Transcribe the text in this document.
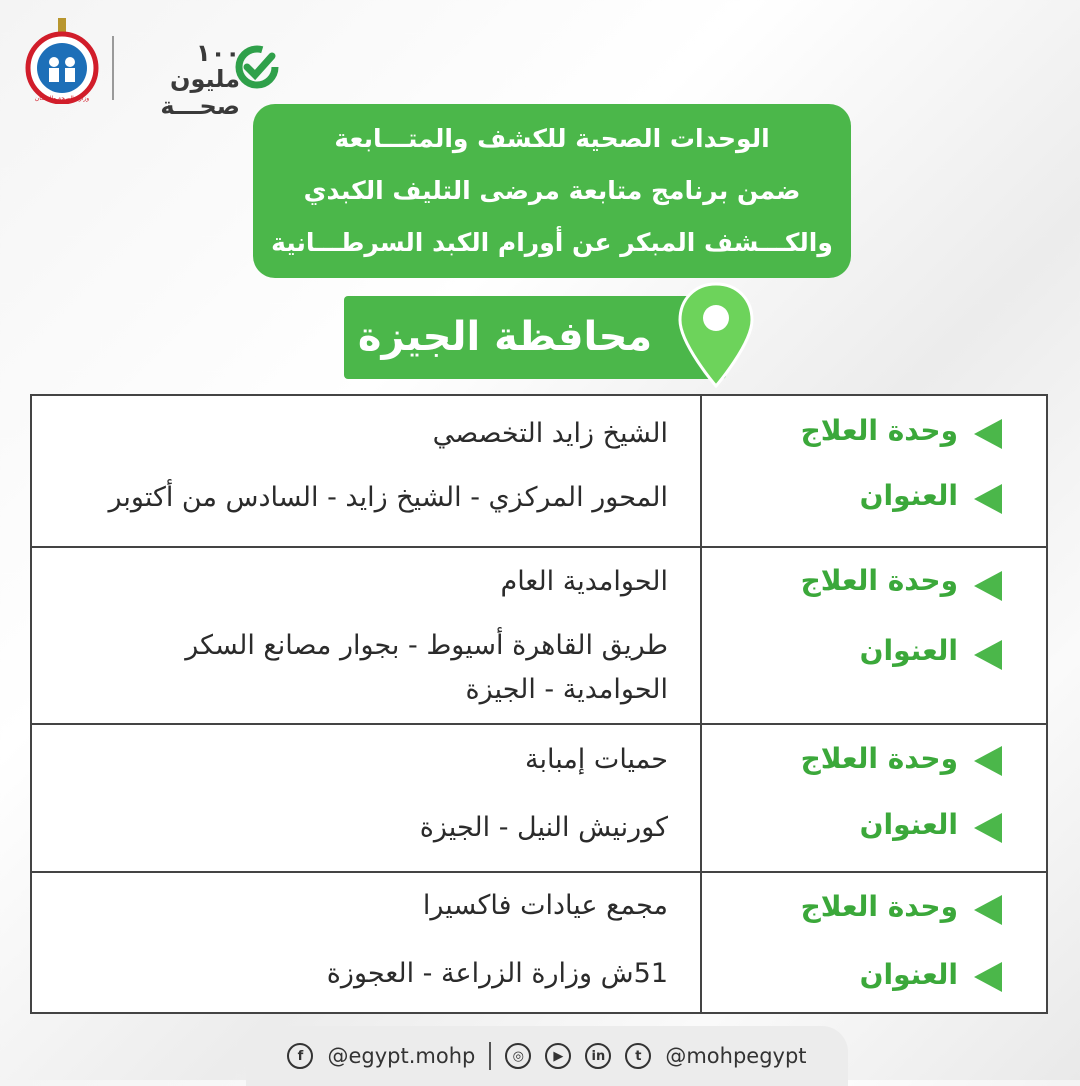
وزارة الصحة والسكان
١٠٠ مليون
صحـــة
الوحدات الصحية للكشف والمتـــابعة
ضمن برنامج متابعة مرضى التليف الكبدي
والكـــشف المبكر عن أورام الكبد السرطـــانية
محافظة الجيزة
وحدة العلاج
الشيخ زايد التخصصي
العنوان
المحور المركزي - الشيخ زايد - السادس من أكتوبر
وحدة العلاج
الحوامدية العام
العنوان
طريق القاهرة أسيوط - بجوار مصانع السكر
الحوامدية - الجيزة
وحدة العلاج
حميات إمبابة
العنوان
كورنيش النيل - الجيزة
وحدة العلاج
مجمع عيادات فاكسيرا
العنوان
51ش وزارة الزراعة - العجوزة
f	@egypt.mohp	◎	▶	in	t	@mohpegypt
